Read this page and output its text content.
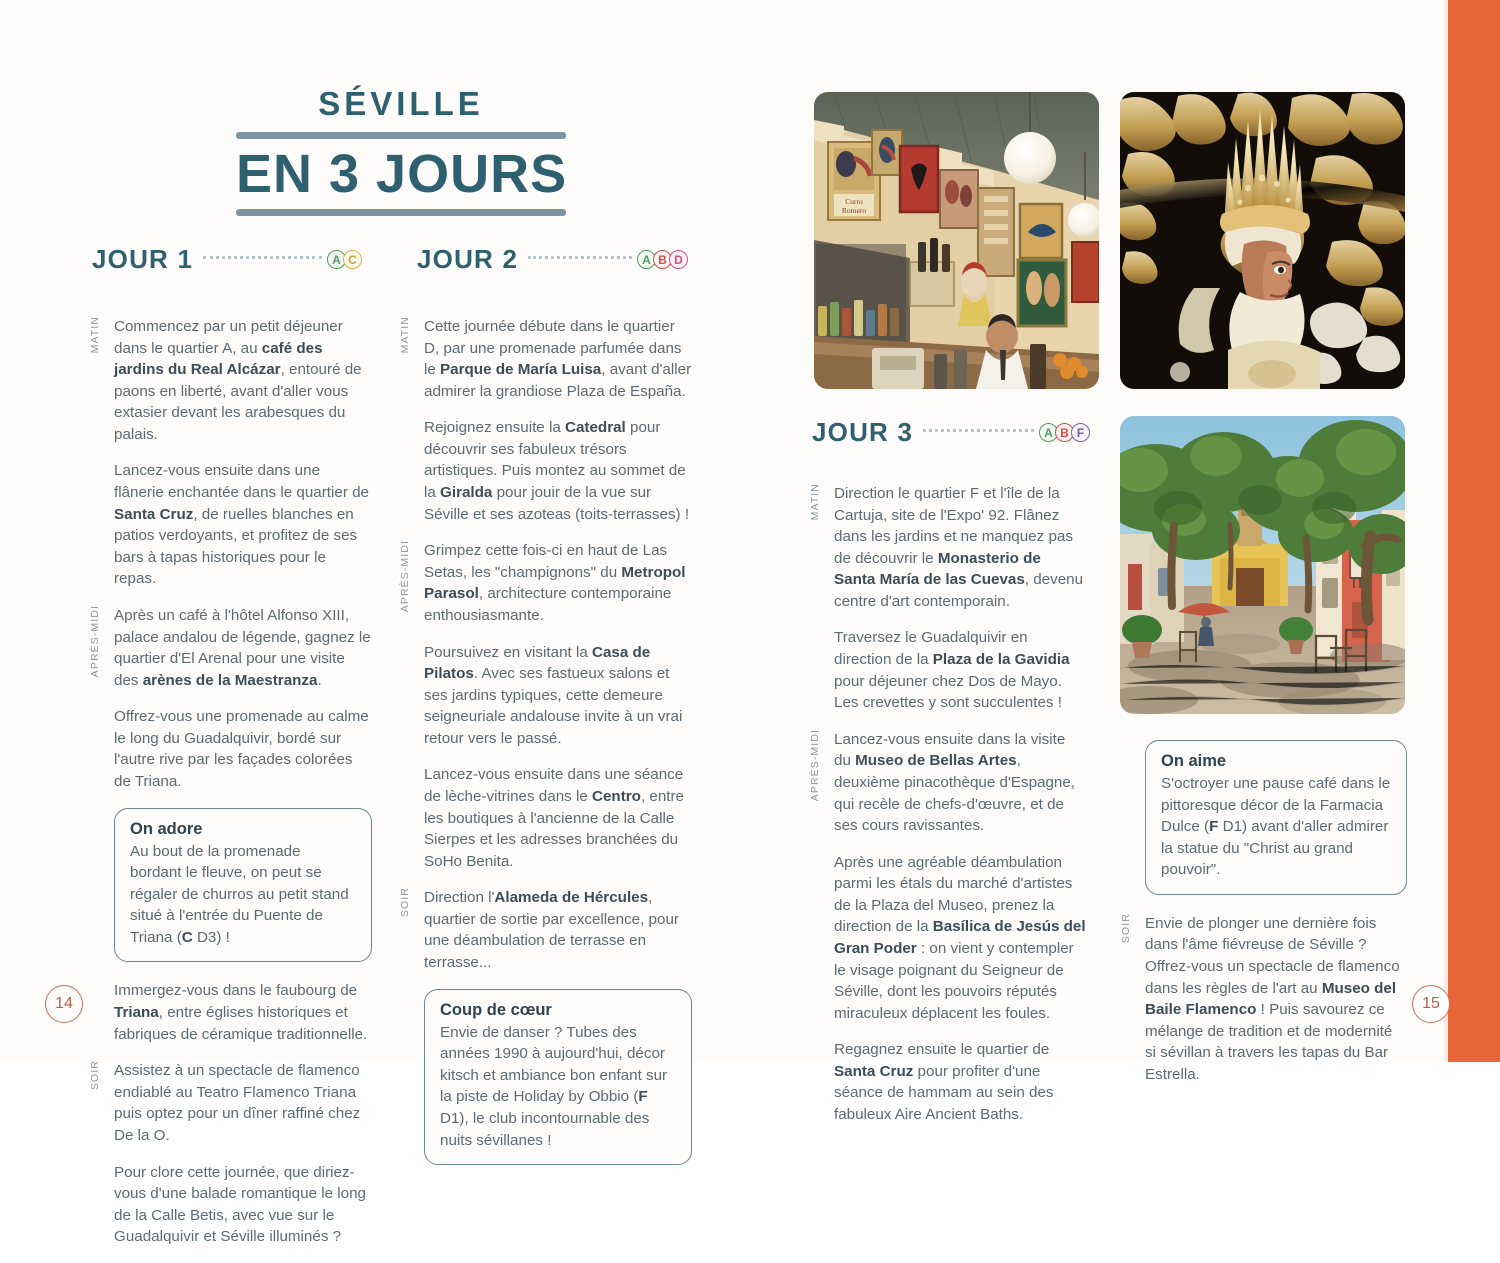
SÉVILLE
EN 3 JOURS
JOUR 1	A C JOUR 2	A B D
JOUR 3	A B F
MATIN Commencez par un petit déjeuner dans le quartier A, au café des jardins du Real Alcázar, entouré de paons en liberté, avant d'aller vous extasier devant les arabesques du palais.
Lancez-vous ensuite dans une flânerie enchantée dans le quartier de Santa Cruz, de ruelles blanches en patios verdoyants, et profitez de ses bars à tapas historiques pour le repas.
APRÈS-MIDI Après un café à l'hôtel Alfonso XIII, palace andalou de légende, gagnez le quartier d'El Arenal pour une visite des arènes de la Maestranza.
Offrez-vous une promenade au calme le long du Guadalquivir, bordé sur l'autre rive par les façades colorées de Triana.
On adore
Au bout de la promenade bordant le fleuve, on peut se régaler de churros au petit stand situé à l'entrée du Puente de Triana (C D3) !
Immergez-vous dans le faubourg de Triana, entre églises historiques et fabriques de céramique traditionnelle.
SOIR Assistez à un spectacle de flamenco endiablé au Teatro Flamenco Triana puis optez pour un dîner raffiné chez De la O.
Pour clore cette journée, que diriez-vous d'une balade romantique le long de la Calle Betis, avec vue sur le Guadalquivir et Séville illuminés ?
MATIN Cette journée débute dans le quartier D, par une promenade parfumée dans le Parque de María Luisa, avant d'aller admirer la grandiose Plaza de España.
Rejoignez ensuite la Catedral pour découvrir ses fabuleux trésors artistiques. Puis montez au sommet de la Giralda pour jouir de la vue sur Séville et ses azoteas (toits-terrasses) !
APRÈS-MIDI Grimpez cette fois-ci en haut de Las Setas, les "champignons" du Metropol Parasol, architecture contemporaine enthousiasmante.
Poursuivez en visitant la Casa de Pilatos. Avec ses fastueux salons et ses jardins typiques, cette demeure seigneuriale andalouse invite à un vrai retour vers le passé.
Lancez-vous ensuite dans une séance de lèche-vitrines dans le Centro, entre les boutiques à l'ancienne de la Calle Sierpes et les adresses branchées du SoHo Benita.
SOIR Direction l'Alameda de Hércules, quartier de sortie par excellence, pour une déambulation de terrasse en terrasse...
Coup de cœur
Envie de danser ? Tubes des années 1990 à aujourd'hui, décor kitsch et ambiance bon enfant sur la piste de Holiday by Obbio (F D1), le club incontournable des nuits sévillanes !
Curro
Romero
MATIN Direction le quartier F et l'île de la Cartuja, site de l'Expo' 92. Flânez dans les jardins et ne manquez pas de découvrir le Monasterio de Santa María de las Cuevas, devenu centre d'art contemporain.
Traversez le Guadalquivir en direction de la Plaza de la Gavidia pour déjeuner chez Dos de Mayo. Les crevettes y sont succulentes !
APRÈS-MIDI Lancez-vous ensuite dans la visite du Museo de Bellas Artes, deuxième pinacothèque d'Espagne, qui recèle de chefs-d'œuvre, et de ses cours ravissantes.
Après une agréable déambulation parmi les étals du marché d'artistes de la Plaza del Museo, prenez la direction de la Basílica de Jesús del Gran Poder : on vient y contempler le visage poignant du Seigneur de Séville, dont les pouvoirs réputés miraculeux déplacent les foules.
Regagnez ensuite le quartier de Santa Cruz pour profiter d'une séance de hammam au sein des fabuleux Aire Ancient Baths.
On aime
S'octroyer une pause café dans le pittoresque décor de la Farmacia Dulce (F D1) avant d'aller admirer la statue du "Christ au grand pouvoir".
SOIR Envie de plonger une dernière fois dans l'âme fiévreuse de Séville ? Offrez-vous un spectacle de flamenco dans les règles de l'art au Museo del Baile Flamenco ! Puis savourez ce mélange de tradition et de modernité si sévillan à travers les tapas du Bar Estrella.
14	15
